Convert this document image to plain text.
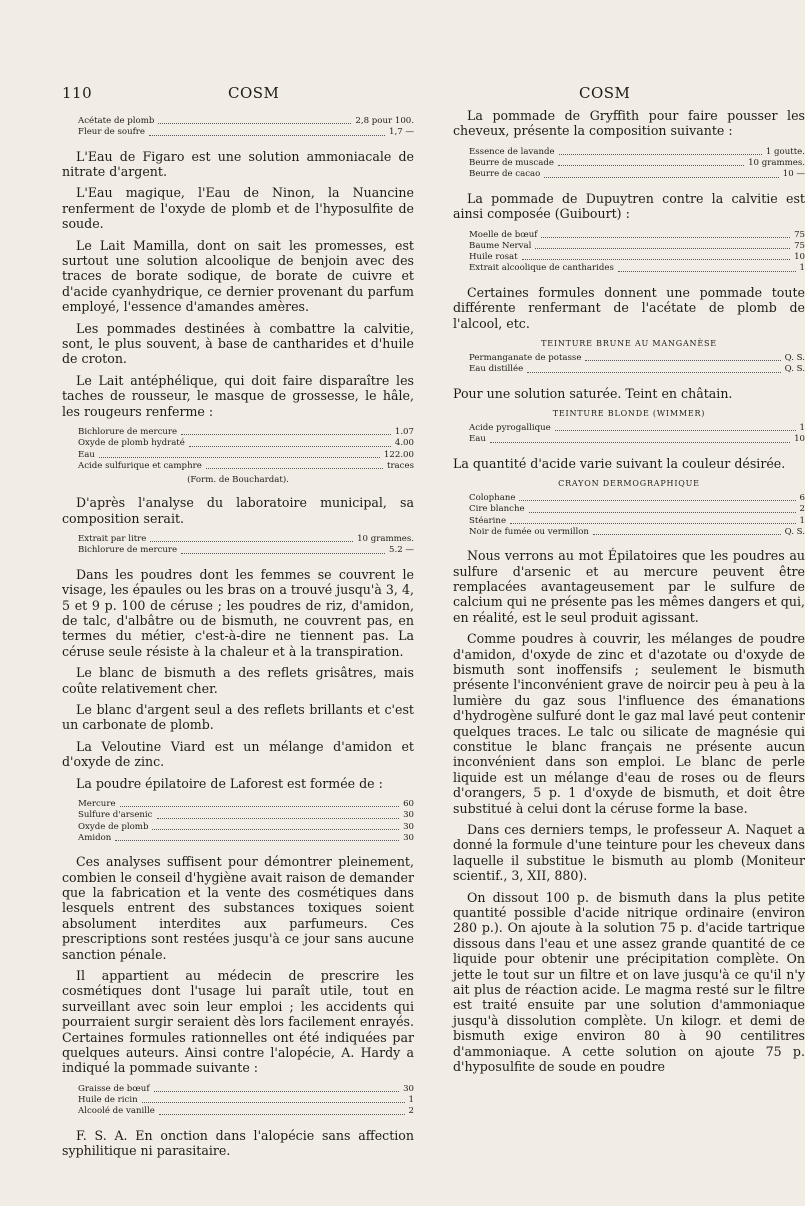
110	COSM	COSM
Acétate de plomb	2,8 pour 100.
Fleur de soufre	1,7 —

L'Eau de Figaro est une solution ammoniacale de nitrate d'argent.

L'Eau magique, l'Eau de Ninon, la Nuancine renferment de l'oxyde de plomb et de l'hyposulfite de soude.

Le Lait Mamilla, dont on sait les promesses, est surtout une solution alcoolique de benjoin avec des traces de borate sodique, de borate de cuivre et d'acide cyanhydrique, ce dernier provenant du parfum employé, l'essence d'amandes amères.

Les pommades destinées à combattre la calvitie, sont, le plus souvent, à base de cantharides et d'huile de croton.

Le Lait antéphélique, qui doit faire disparaître les taches de rousseur, le masque de grossesse, le hâle, les rougeurs renferme :

Bichlorure de mercure	1.07
Oxyde de plomb hydraté	4.00
Eau	122.00
Acide sulfurique et camphre	traces
(Form. de Bouchardat).

D'après l'analyse du laboratoire municipal, sa composition serait.

Extrait par litre	10 grammes.
Bichlorure de mercure	5.2 —

Dans les poudres dont les femmes se couvrent le visage, les épaules ou les bras on a trouvé jusqu'à 3, 4, 5 et 9 p. 100 de céruse ; les poudres de riz, d'amidon, de talc, d'albâtre ou de bismuth, ne couvrent pas, en termes du métier, c'est-à-dire ne tiennent pas. La céruse seule résiste à la chaleur et à la transpiration.

Le blanc de bismuth a des reflets grisâtres, mais coûte relativement cher.

Le blanc d'argent seul a des reflets brillants et c'est un carbonate de plomb.

La Veloutine Viard est un mélange d'amidon et d'oxyde de zinc.

La poudre épilatoire de Laforest est formée de :

Mercure	60
Sulfure d'arsenic	30
Oxyde de plomb	30
Amidon	30

Ces analyses suffisent pour démontrer pleinement, combien le conseil d'hygiène avait raison de demander que la fabrication et la vente des cosmétiques dans lesquels entrent des substances toxiques soient absolument interdites aux parfumeurs. Ces prescriptions sont restées jusqu'à ce jour sans aucune sanction pénale.

Il appartient au médecin de prescrire les cosmétiques dont l'usage lui paraît utile, tout en surveillant avec soin leur emploi ; les accidents qui pourraient surgir seraient dès lors facilement enrayés. Certaines formules rationnelles ont été indiquées par quelques auteurs. Ainsi contre l'alopécie, A. Hardy a indiqué la pommade suivante :

Graisse de bœuf	30
Huile de ricin	1
Alcoolé de vanille	2

F. S. A. En onction dans l'alopécie sans affection syphilitique ni parasitaire.

La pommade de Gryffith pour faire pousser les cheveux, présente la composition suivante :

Essence de lavande	1 goutte.
Beurre de muscade	10 grammes.
Beurre de cacao	10 —

La pommade de Dupuytren contre la calvitie est ainsi composée (Guibourt) :

Moelle de bœuf	75
Baume Nerval	75
Huile rosat	10
Extrait alcoolique de cantharides	1

Certaines formules donnent une pommade toute différente renfermant de l'acétate de plomb de l'alcool, etc.

TEINTURE BRUNE AU MANGANÈSE
Permanganate de potasse	Q. S.
Eau distillée	Q. S.

Pour une solution saturée. Teint en châtain.

TEINTURE BLONDE (WIMMER)
Acide pyrogallique	1
Eau	10

La quantité d'acide varie suivant la couleur désirée.

CRAYON DERMOGRAPHIQUE
Colophane	6
Cire blanche	2
Stéarine	1
Noir de fumée ou vermillon	Q. S.

Nous verrons au mot Épilatoires que les poudres au sulfure d'arsenic et au mercure peuvent être remplacées avantageusement par le sulfure de calcium qui ne présente pas les mêmes dangers et qui, en réalité, est le seul produit agissant.

Comme poudres à couvrir, les mélanges de poudre d'amidon, d'oxyde de zinc et d'azotate ou d'oxyde de bismuth sont inoffensifs ; seulement le bismuth présente l'inconvénient grave de noircir peu à peu à la lumière du gaz sous l'influence des émanations d'hydrogène sulfuré dont le gaz mal lavé peut contenir quelques traces. Le talc ou silicate de magnésie qui constitue le blanc français ne présente aucun inconvénient dans son emploi. Le blanc de perle liquide est un mélange d'eau de roses ou de fleurs d'orangers, 5 p. 1 d'oxyde de bismuth, et doit être substitué à celui dont la céruse forme la base.

Dans ces derniers temps, le professeur A. Naquet a donné la formule d'une teinture pour les cheveux dans laquelle il substitue le bismuth au plomb (Moniteur scientif., 3, XII, 880).

On dissout 100 p. de bismuth dans la plus petite quantité possible d'acide nitrique ordinaire (environ 280 p.). On ajoute à la solution 75 p. d'acide tartrique dissous dans l'eau et une assez grande quantité de ce liquide pour obtenir une précipitation complète. On jette le tout sur un filtre et on lave jusqu'à ce qu'il n'y ait plus de réaction acide. Le magma resté sur le filtre est traité ensuite par une solution d'ammoniaque jusqu'à dissolution complète. Un kilogr. et demi de bismuth exige environ 80 à 90 centilitres d'ammoniaque. A cette solution on ajoute 75 p. d'hyposulfite de soude en poudre
